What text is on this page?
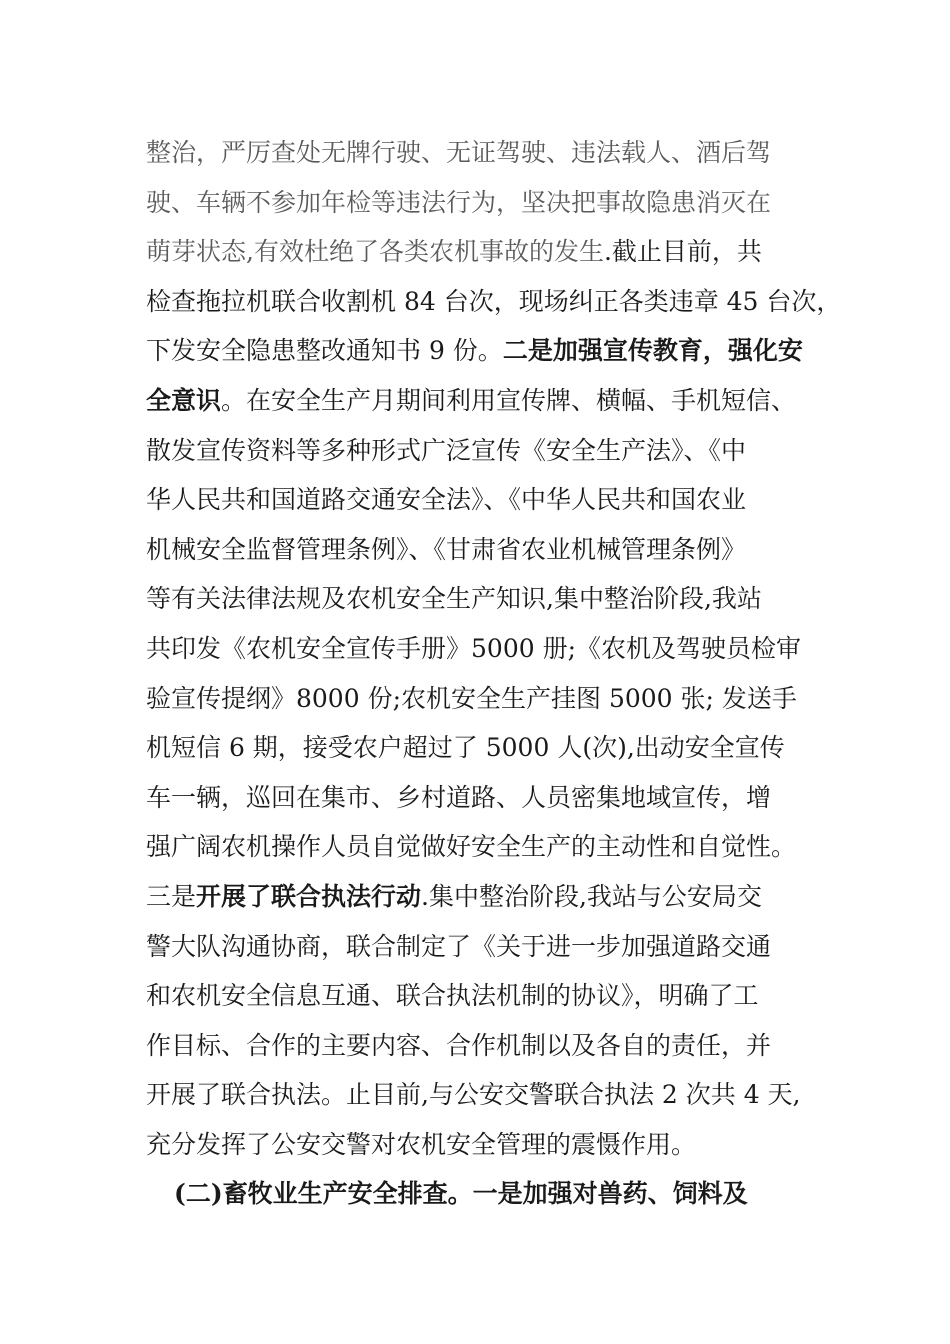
整治，严厉查处无牌行驶、无证驾驶、违法载人、酒后驾
驶、车辆不参加年检等违法行为，坚决把事故隐患消灭在
萌芽状态,有效杜绝了各类农机事故的发生.截止目前，共
检查拖拉机联合收割机 84 台次，现场纠正各类违章 45 台次，
下发安全隐患整改通知书 9 份。二是加强宣传教育，强化安
全意识。在安全生产月期间利用宣传牌、横幅、手机短信、
散发宣传资料等多种形式广泛宣传《安全生产法》、《中
华人民共和国道路交通安全法》、《中华人民共和国农业
机械安全监督管理条例》、《甘肃省农业机械管理条例》
等有关法律法规及农机安全生产知识,集中整治阶段,我站
共印发《农机安全宣传手册》5000 册;《农机及驾驶员检审
验宣传提纲》8000 份;农机安全生产挂图 5000 张; 发送手
机短信 6 期，接受农户超过了 5000 人(次),出动安全宣传
车一辆，巡回在集市、乡村道路、人员密集地域宣传，增
强广阔农机操作人员自觉做好安全生产的主动性和自觉性。
三是开展了联合执法行动.集中整治阶段,我站与公安局交
警大队沟通协商，联合制定了《关于进一步加强道路交通
和农机安全信息互通、联合执法机制的协议》，明确了工
作目标、合作的主要内容、合作机制以及各自的责任，并
开展了联合执法。止目前,与公安交警联合执法 2 次共 4 天,
充分发挥了公安交警对农机安全管理的震慑作用。
(二)畜牧业生产安全排查。一是加强对兽药、饲料及
